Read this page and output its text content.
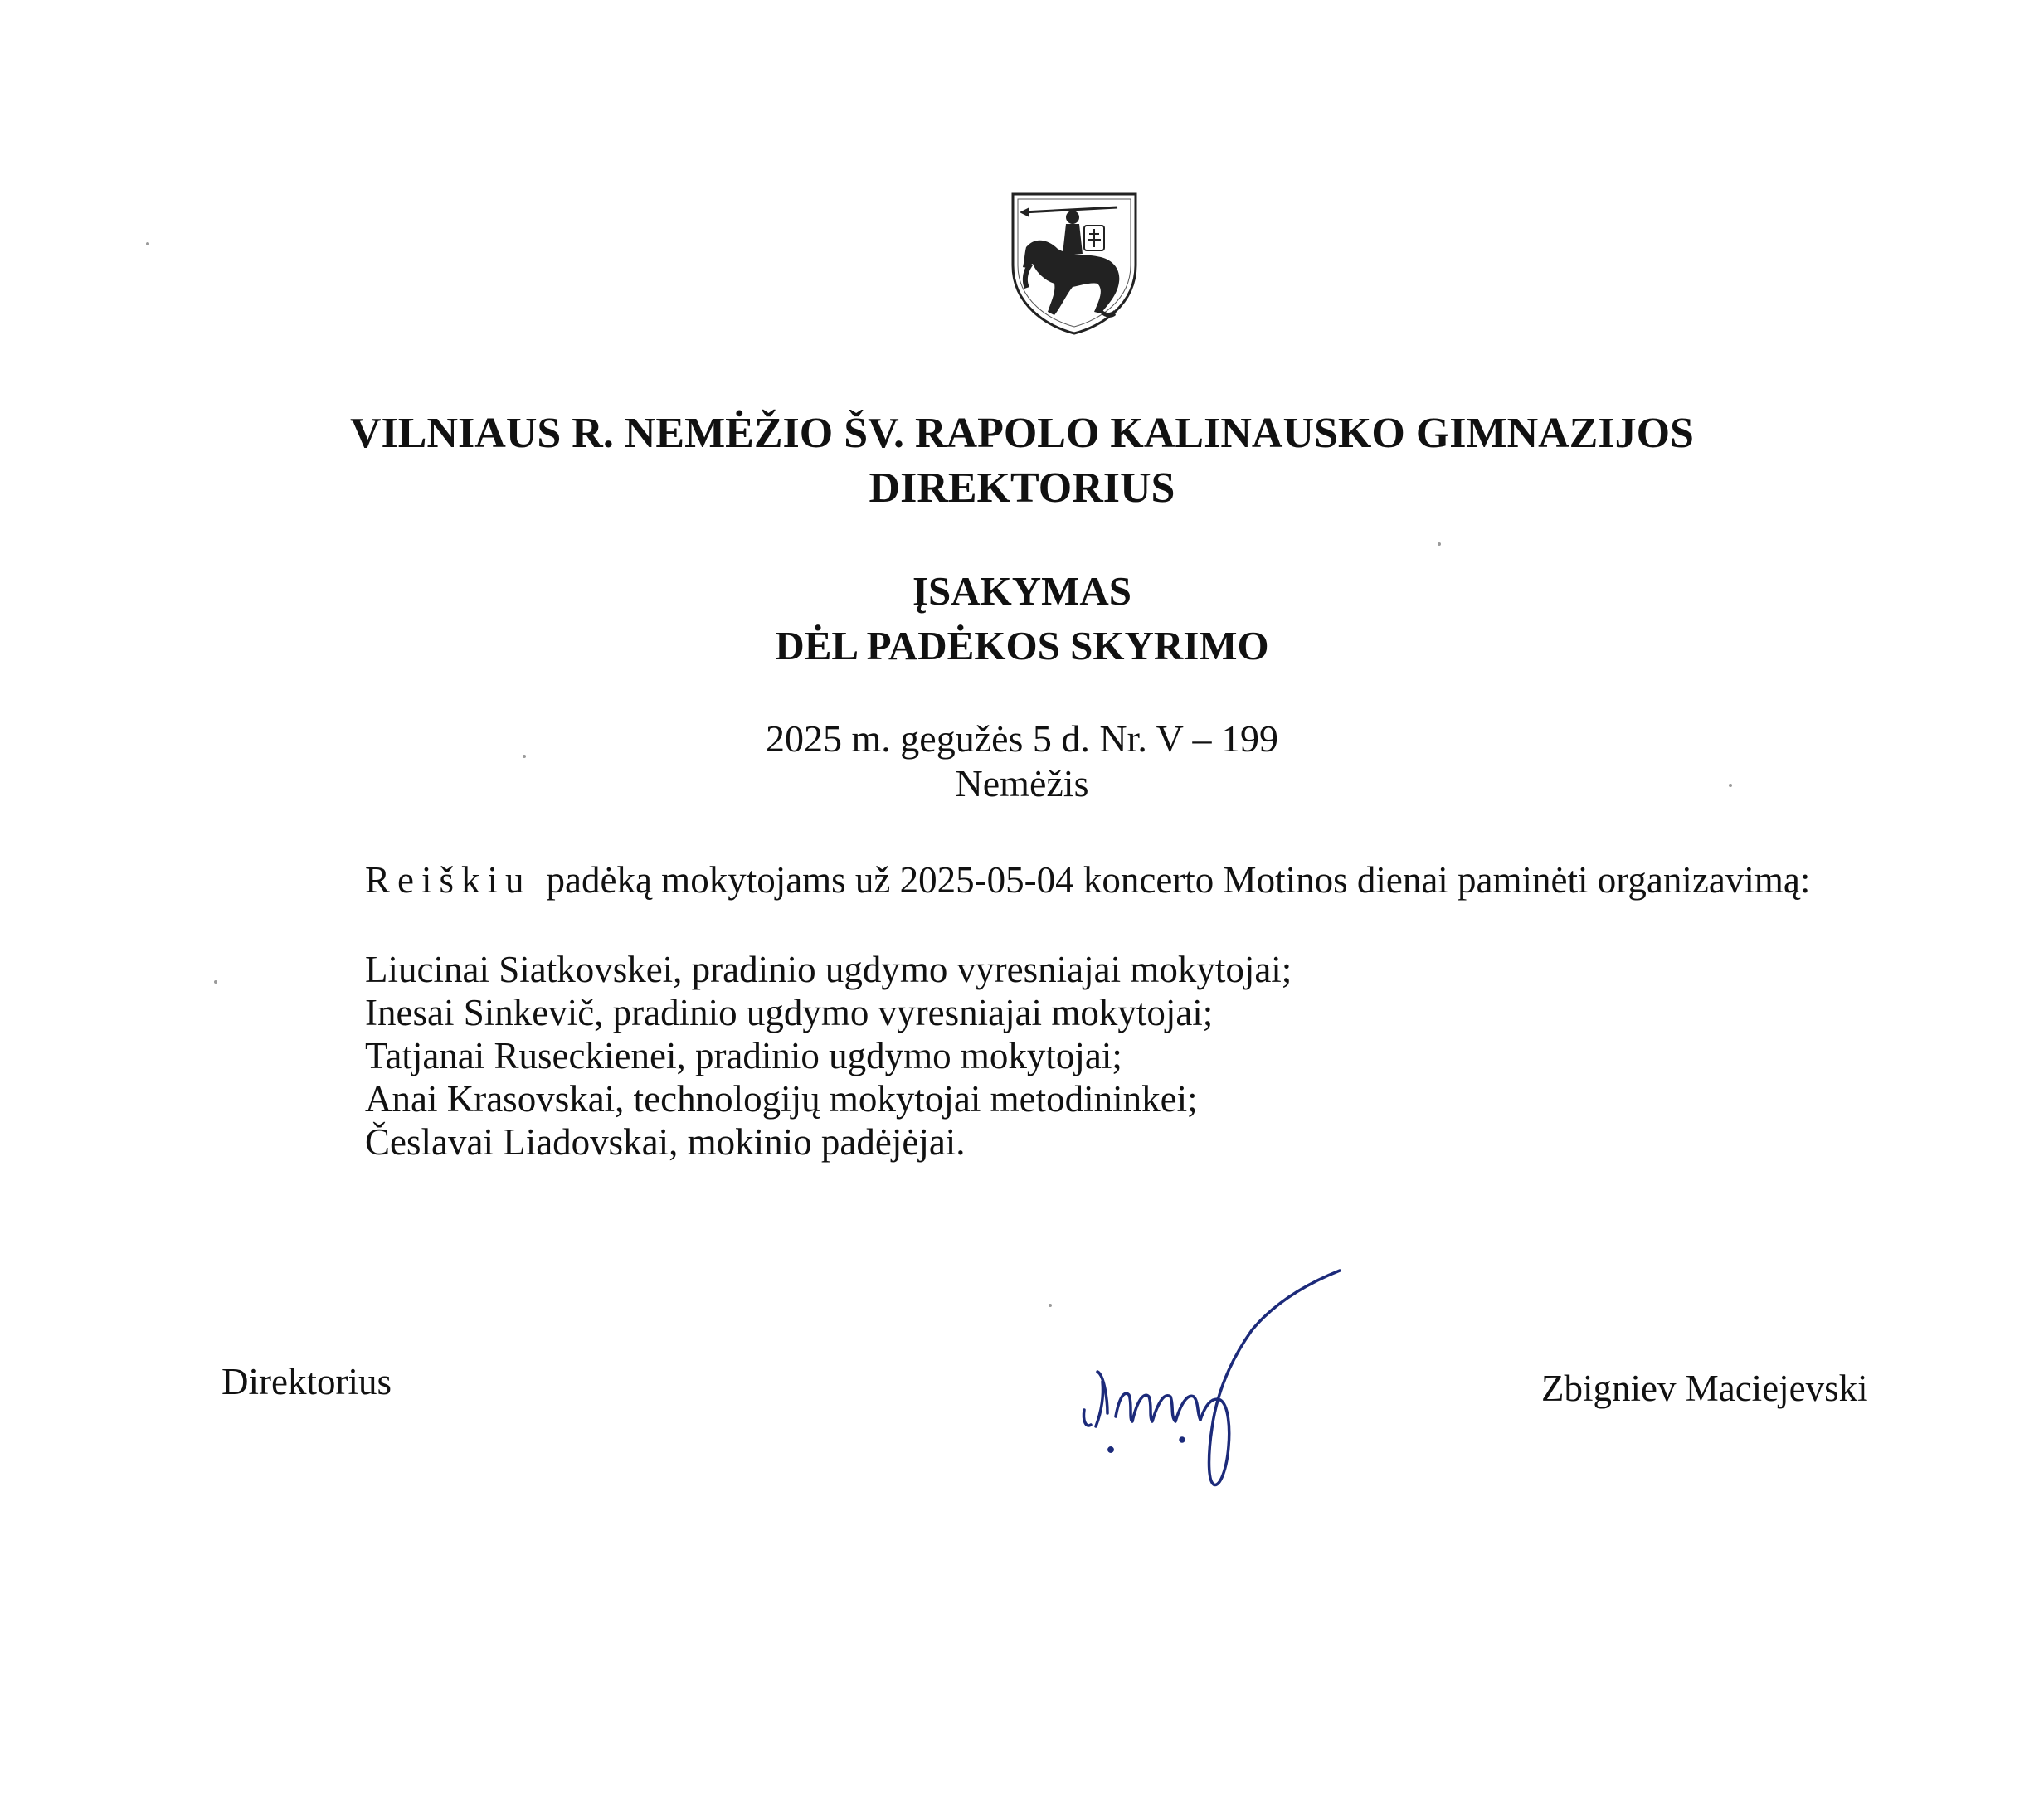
VILNIAUS R. NEMĖŽIO ŠV. RAPOLO KALINAUSKO GIMNAZIJOS
DIREKTORIUS
ĮSAKYMAS
DĖL PADĖKOS SKYRIMO
2025 m. gegužės 5 d. Nr. V – 199
Nemėžis
Reiškiu padėką mokytojams už 2025-05-04 koncerto Motinos dienai paminėti organizavimą:
Liucinai Siatkovskei, pradinio ugdymo vyresniajai mokytojai;
Inesai Sinkevič, pradinio ugdymo vyresniajai mokytojai;
Tatjanai Ruseckienei, pradinio ugdymo mokytojai;
Anai Krasovskai, technologijų mokytojai metodininkei;
Česlavai Liadovskai, mokinio padėjėjai.
Direktorius	Zbigniev Maciejevski
